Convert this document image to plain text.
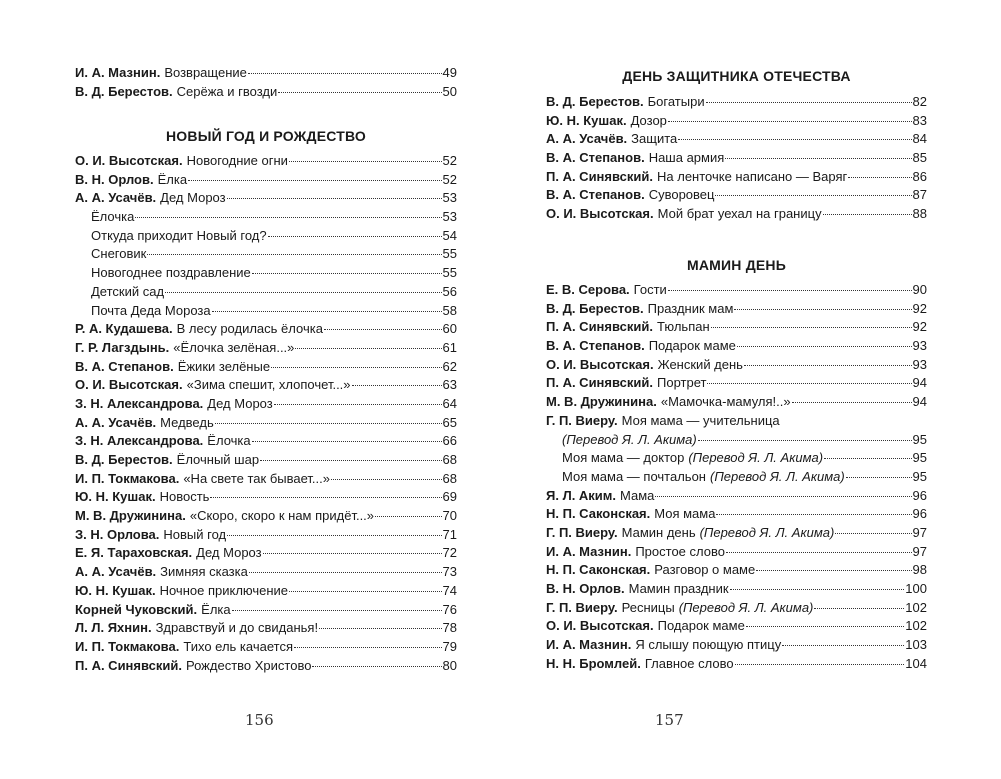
И. А. Мазнин. Возвращение	49
В. Д. Берестов. Серёжа и гвозди	50
НОВЫЙ ГОД И РОЖДЕСТВО
О. И. Высотская. Новогодние огни	52
В. Н. Орлов. Ёлка	52
А. А. Усачёв. Дед Мороз	53
Ёлочка	53
Откуда приходит Новый год?	54
Снеговик	55
Новогоднее поздравление	55
Детский сад	56
Почта Деда Мороза	58
Р. А. Кудашева. В лесу родилась ёлочка	60
Г. Р. Лагздынь. «Ёлочка зелёная...»	61
В. А. Степанов. Ёжики зелёные	62
О. И. Высотская. «Зима спешит, хлопочет...»	63
З. Н. Александрова. Дед Мороз	64
А. А. Усачёв. Медведь	65
З. Н. Александрова. Ёлочка	66
В. Д. Берестов. Ёлочный шар	68
И. П. Токмакова. «На свете так бывает...»	68
Ю. Н. Кушак. Новость	69
М. В. Дружинина. «Скоро, скоро к нам придёт...»	70
З. Н. Орлова. Новый год	71
Е. Я. Тараховская. Дед Мороз	72
А. А. Усачёв. Зимняя сказка	73
Ю. Н. Кушак. Ночное приключение	74
Корней Чуковский. Ёлка	76
Л. Л. Яхнин. Здравствуй и до свиданья!	78
И. П. Токмакова. Тихо ель качается	79
П. А. Синявский. Рождество Христово	80
ДЕНЬ ЗАЩИТНИКА ОТЕЧЕСТВА
В. Д. Берестов. Богатыри	82
Ю. Н. Кушак. Дозор	83
А. А. Усачёв. Защита	84
В. А. Степанов. Наша армия	85
П. А. Синявский. На ленточке написано — Варяг	86
В. А. Степанов. Суворовец	87
О. И. Высотская. Мой брат уехал на границу	88
МАМИН ДЕНЬ
Е. В. Серова. Гости	90
В. Д. Берестов. Праздник мам	92
П. А. Синявский. Тюльпан	92
В. А. Степанов. Подарок маме	93
О. И. Высотская. Женский день	93
П. А. Синявский. Портрет	94
М. В. Дружинина. «Мамочка-мамуля!..»	94
Г. П. Виеру. Моя мама — учительница
(Перевод Я. Л. Акима)	95
Моя мама — доктор (Перевод Я. Л. Акима)	95
Моя мама — почтальон (Перевод Я. Л. Акима)	95
Я. Л. Аким. Мама	96
Н. П. Саконская. Моя мама	96
Г. П. Виеру. Мамин день (Перевод Я. Л. Акима)	97
И. А. Мазнин. Простое слово	97
Н. П. Саконская. Разговор о маме	98
В. Н. Орлов. Мамин праздник	100
Г. П. Виеру. Ресницы (Перевод Я. Л. Акима)	102
О. И. Высотская. Подарок маме	102
И. А. Мазнин. Я слышу поющую птицу	103
Н. Н. Бромлей. Главное слово	104
156	157
